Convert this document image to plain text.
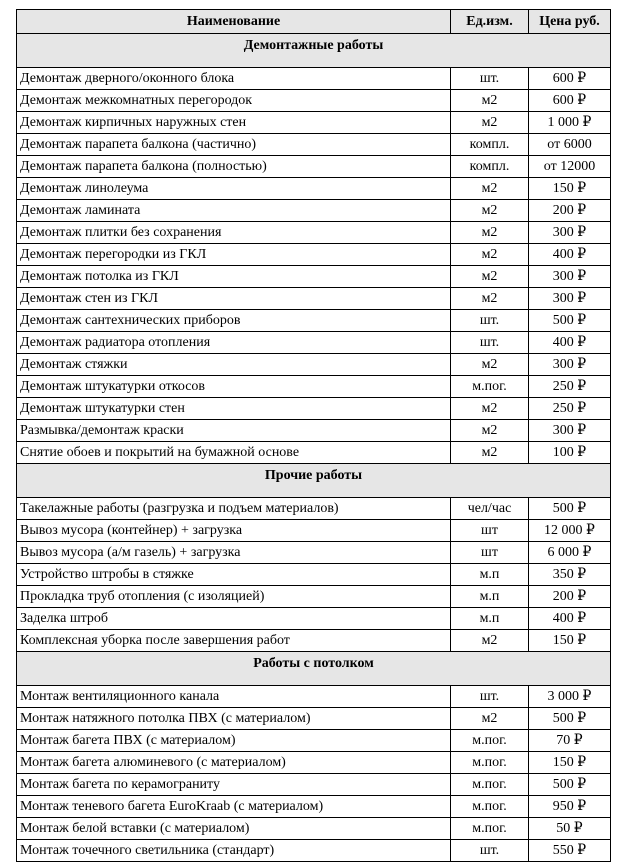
Наименование	Ед.изм.	Цена руб.
Демонтажные работы		
Демонтаж дверного/оконного блока	шт.	600 ₽
Демонтаж межкомнатных перегородок	м2	600 ₽
Демонтаж кирпичных наружных стен	м2	1 000 ₽
Демонтаж парапета балкона (частично)	компл.	от 6000
Демонтаж парапета балкона (полностью)	компл.	от 12000
Демонтаж линолеума	м2	150 ₽
Демонтаж ламината	м2	200 ₽
Демонтаж плитки без сохранения	м2	300 ₽
Демонтаж перегородки из ГКЛ	м2	400 ₽
Демонтаж потолка из ГКЛ	м2	300 ₽
Демонтаж стен из ГКЛ	м2	300 ₽
Демонтаж сантехнических приборов	шт.	500 ₽
Демонтаж радиатора отопления	шт.	400 ₽
Демонтаж стяжки	м2	300 ₽
Демонтаж штукатурки откосов	м.пог.	250 ₽
Демонтаж штукатурки стен	м2	250 ₽
Размывка/демонтаж краски	м2	300 ₽
Снятие обоев и покрытий на бумажной основе	м2	100 ₽
Прочие работы		
Такелажные работы (разгрузка и подъем материалов)	чел/час	500 ₽
Вывоз мусора (контейнер) + загрузка	шт	12 000 ₽
Вывоз мусора (а/м газель) + загрузка	шт	6 000 ₽
Устройство штробы в стяжке	м.п	350 ₽
Прокладка труб отопления (с изоляцией)	м.п	200 ₽
Заделка штроб	м.п	400 ₽
Комплексная уборка после завершения работ	м2	150 ₽
Работы с потолком		
Монтаж вентиляционного канала	шт.	3 000 ₽
Монтаж натяжного потолка ПВХ (с материалом)	м2	500 ₽
Монтаж багета ПВХ (с материалом)	м.пог.	70 ₽
Монтаж багета алюминевого (с материалом)	м.пог.	150 ₽
Монтаж багета по керамограниту	м.пог.	500 ₽
Монтаж теневого багета EuroKraab (с материалом)	м.пог.	950 ₽
Монтаж белой вставки (с материалом)	м.пог.	50 ₽
Монтаж точечного светильника (стандарт)	шт.	550 ₽
